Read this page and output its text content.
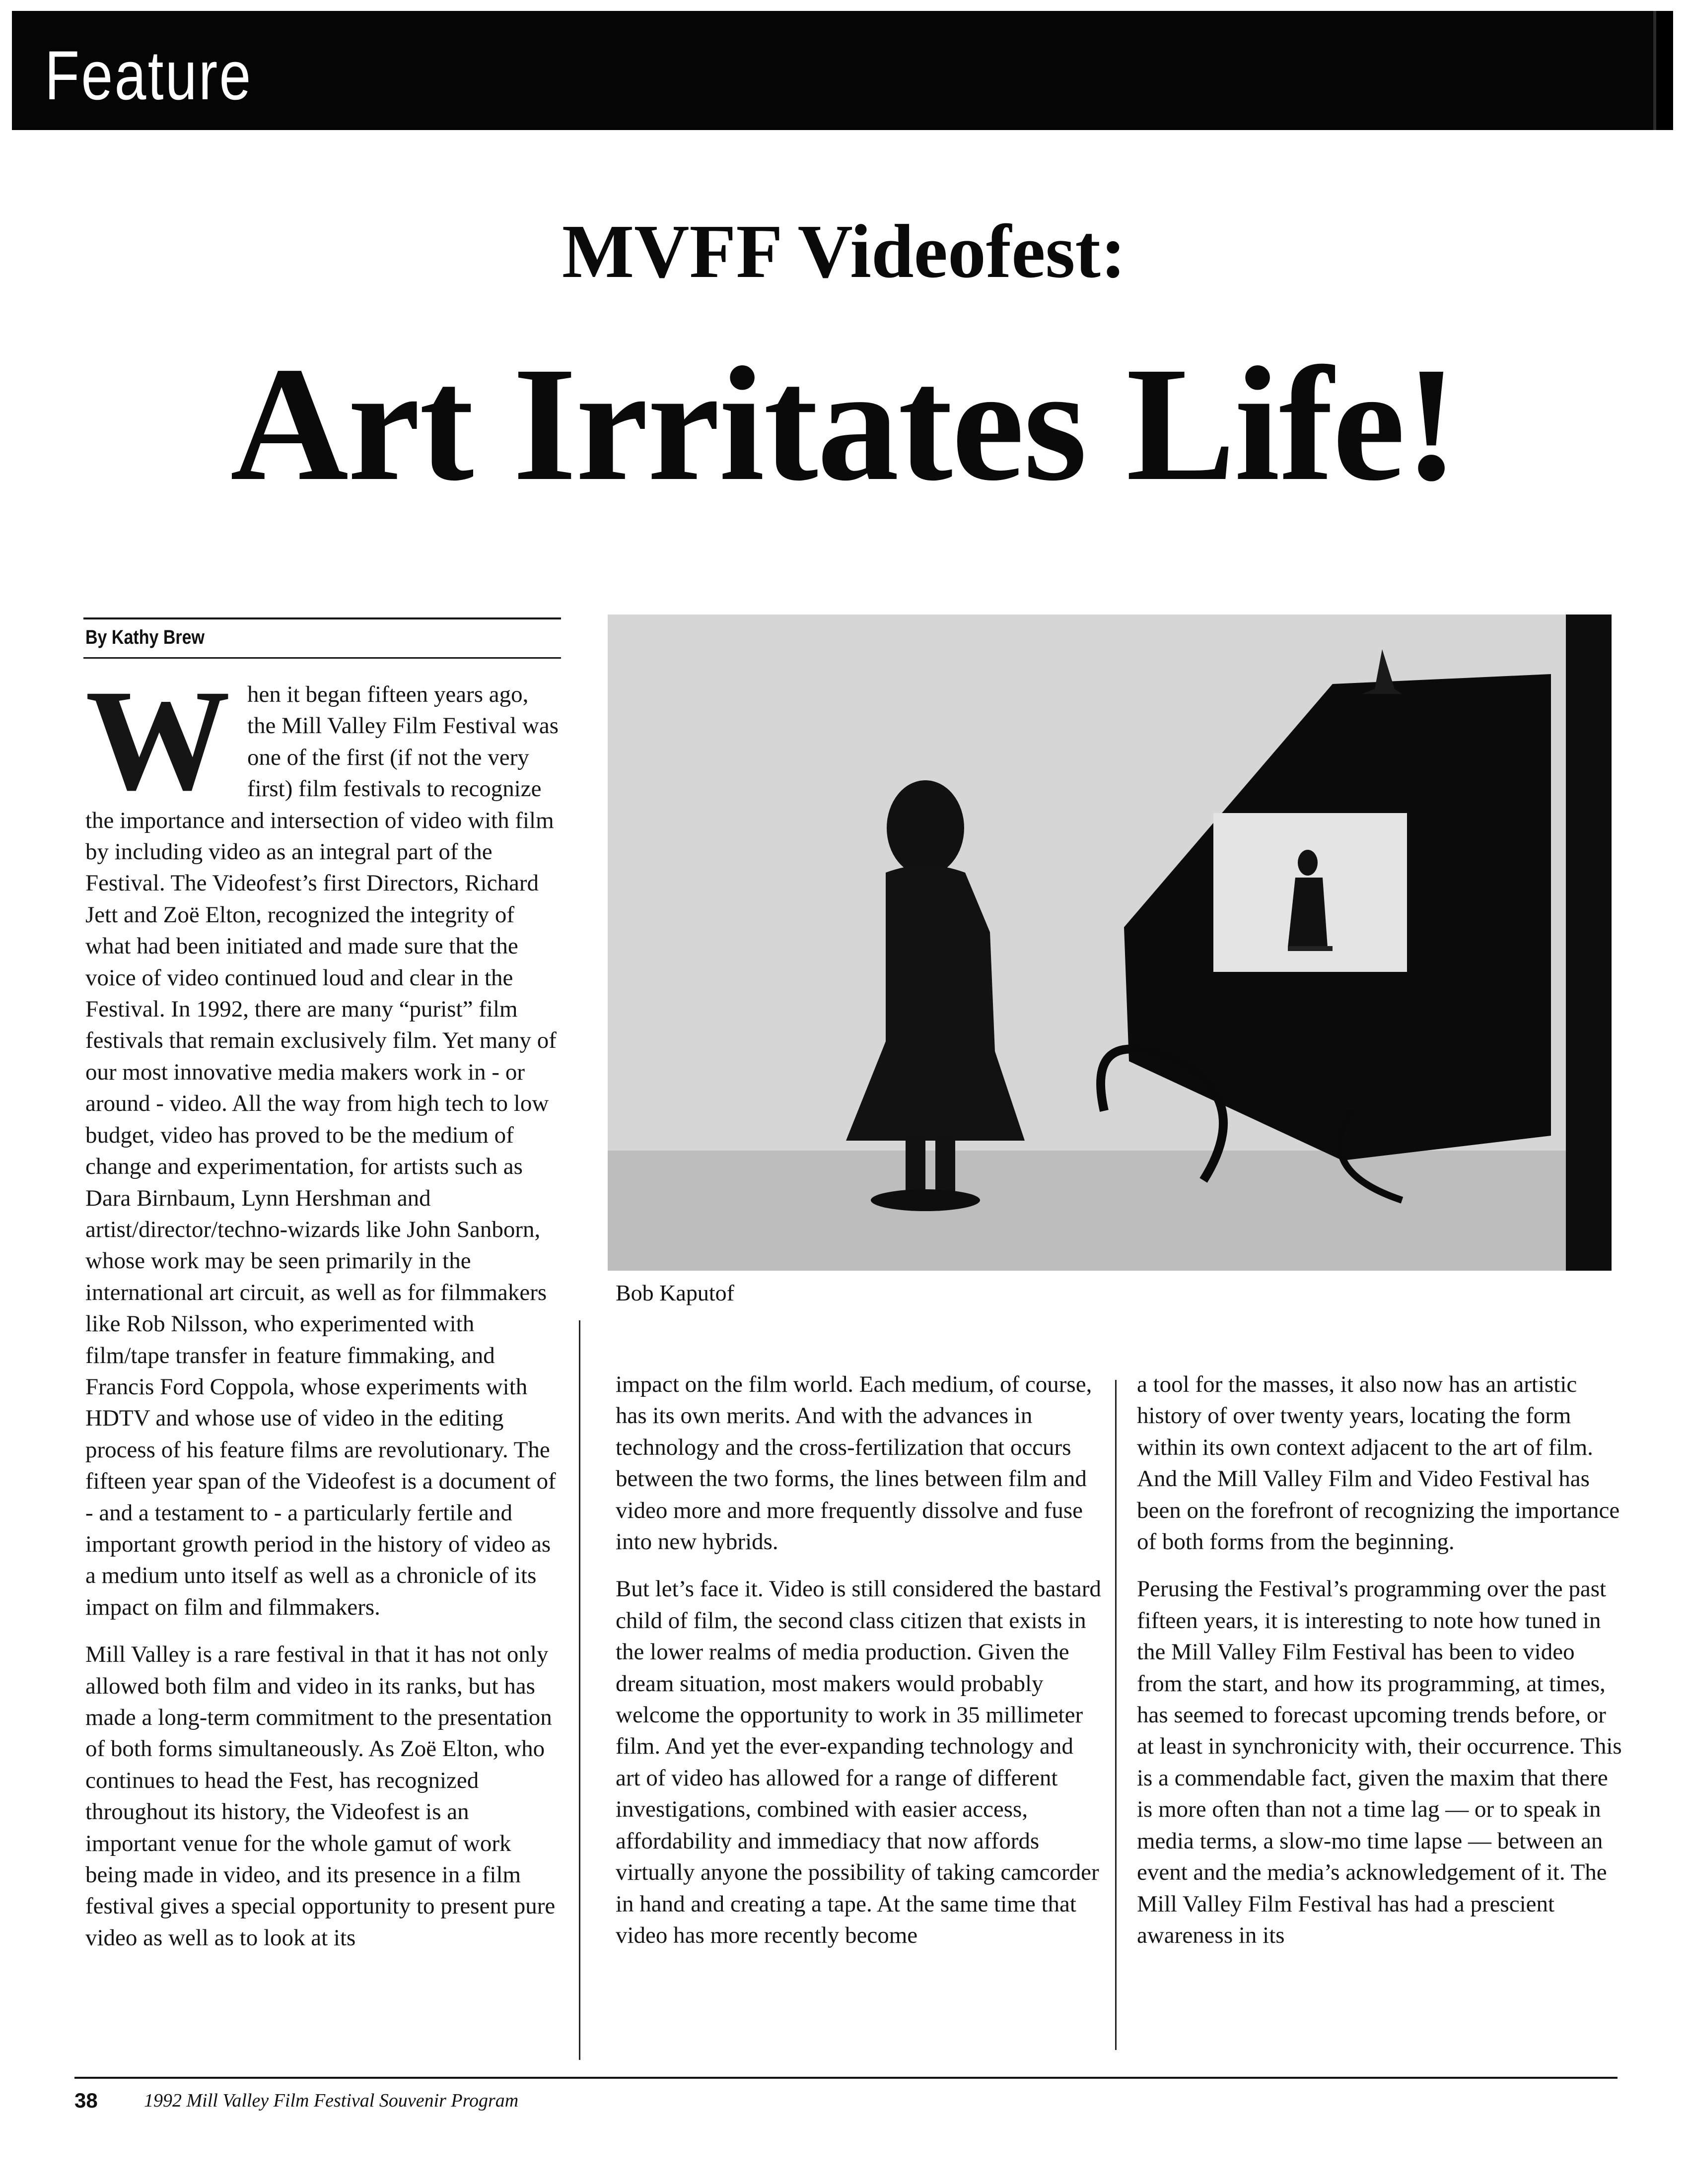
Feature
MVFF Videofest:
Art Irritates Life!
By Kathy Brew

When it began fifteen years ago, the Mill Valley Film Festival was one of the first (if not the very first) film festivals to recognize the importance and intersection of video with film by including video as an integral part of the Festival. The Videofest’s first Directors, Richard Jett and Zoë Elton, recognized the integrity of what had been initiated and made sure that the voice of video continued loud and clear in the Festival. In 1992, there are many “purist” film festivals that remain exclusively film. Yet many of our most innovative media makers work in - or around - video. All the way from high tech to low budget, video has proved to be the medium of change and experimentation, for artists such as Dara Birnbaum, Lynn Hershman and artist/director/techno-wizards like John Sanborn, whose work may be seen primarily in the international art circuit, as well as for filmmakers like Rob Nilsson, who experimented with film/tape transfer in feature fimmaking, and Francis Ford Coppola, whose experiments with HDTV and whose use of video in the editing process of his feature films are revolutionary. The fifteen year span of the Videofest is a document of - and a testament to - a particularly fertile and important growth period in the history of video as a medium unto itself as well as a chronicle of its impact on film and filmmakers.

Mill Valley is a rare festival in that it has not only allowed both film and video in its ranks, but has made a long-term commitment to the presentation of both forms simultaneously. As Zoë Elton, who continues to head the Fest, has recognized throughout its history, the Videofest is an important venue for the whole gamut of work being made in video, and its presence in a film festival gives a special opportunity to present pure video as well as to look at its

Bob Kaputof

impact on the film world. Each medium, of course, has its own merits. And with the advances in technology and the cross-fertilization that occurs between the two forms, the lines between film and video more and more frequently dissolve and fuse into new hybrids.

But let’s face it. Video is still considered the bastard child of film, the second class citizen that exists in the lower realms of media production. Given the dream situation, most makers would probably welcome the opportunity to work in 35 millimeter film. And yet the ever-expanding technology and art of video has allowed for a range of different investigations, combined with easier access, affordability and immediacy that now affords virtually anyone the possibility of taking camcorder in hand and creating a tape. At the same time that video has more recently become

a tool for the masses, it also now has an artistic history of over twenty years, locating the form within its own context adjacent to the art of film. And the Mill Valley Film and Video Festival has been on the forefront of recognizing the importance of both forms from the beginning.

Perusing the Festival’s programming over the past fifteen years, it is interesting to note how tuned in the Mill Valley Film Festival has been to video from the start, and how its programming, at times, has seemed to forecast upcoming trends before, or at least in synchronicity with, their occurrence. This is a commendable fact, given the maxim that there is more often than not a time lag — or to speak in media terms, a slow-mo time lapse — between an event and the media’s acknowledgement of it. The Mill Valley Film Festival has had a prescient awareness in its

38 1992 Mill Valley Film Festival Souvenir Program
